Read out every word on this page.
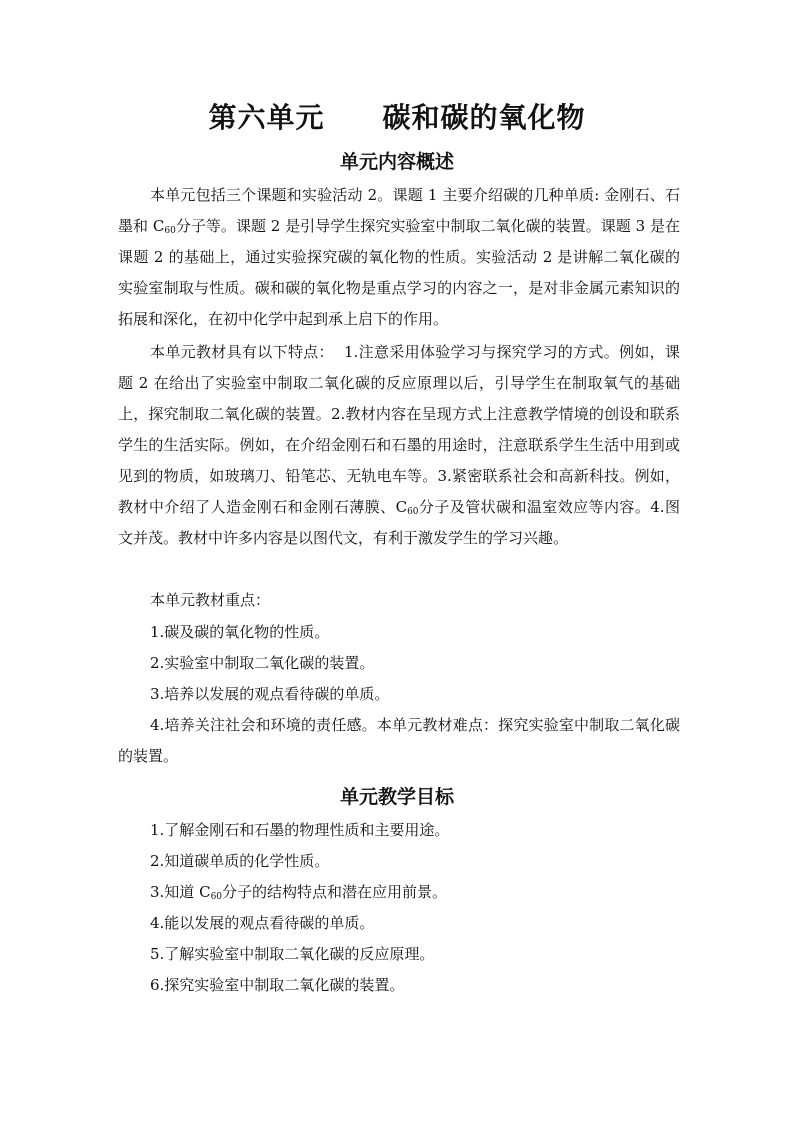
第六单元　　碳和碳的氧化物
单元内容概述
本单元包括三个课题和实验活动 2。课题 1 主要介绍碳的几种单质: 金刚石、石墨和 $C_{60}$分子等。课题 2 是引导学生探究实验室中制取二氧化碳的装置。课题 3 是在课题 2 的基础上，通过实验探究碳的氧化物的性质。实验活动 2 是讲解二氧化碳的实验室制取与性质。碳和碳的氧化物是重点学习的内容之一，是对非金属元素知识的拓展和深化，在初中化学中起到承上启下的作用。
本单元教材具有以下特点：  1.注意采用体验学习与探究学习的方式。例如，课题 2 在给出了实验室中制取二氧化碳的反应原理以后，引导学生在制取氧气的基础上，探究制取二氧化碳的装置。2.教材内容在呈现方式上注意教学情境的创设和联系学生的生活实际。例如，在介绍金刚石和石墨的用途时，注意联系学生生活中用到或见到的物质，如玻璃刀、铅笔芯、无轨电车等。3.紧密联系社会和高新科技。例如，教材中介绍了人造金刚石和金刚石薄膜、$C_{60}$分子及管状碳和温室效应等内容。4.图文并茂。教材中许多内容是以图代文，有利于激发学生的学习兴趣。
本单元教材重点：
1.碳及碳的氧化物的性质。
2.实验室中制取二氧化碳的装置。
3.培养以发展的观点看待碳的单质。
4.培养关注社会和环境的责任感。本单元教材难点：探究实验室中制取二氧化碳的装置。
单元教学目标
1.了解金刚石和石墨的物理性质和主要用途。
2.知道碳单质的化学性质。
3.知道 $C_{60}$分子的结构特点和潜在应用前景。
4.能以发展的观点看待碳的单质。
5.了解实验室中制取二氧化碳的反应原理。
6.探究实验室中制取二氧化碳的装置。
